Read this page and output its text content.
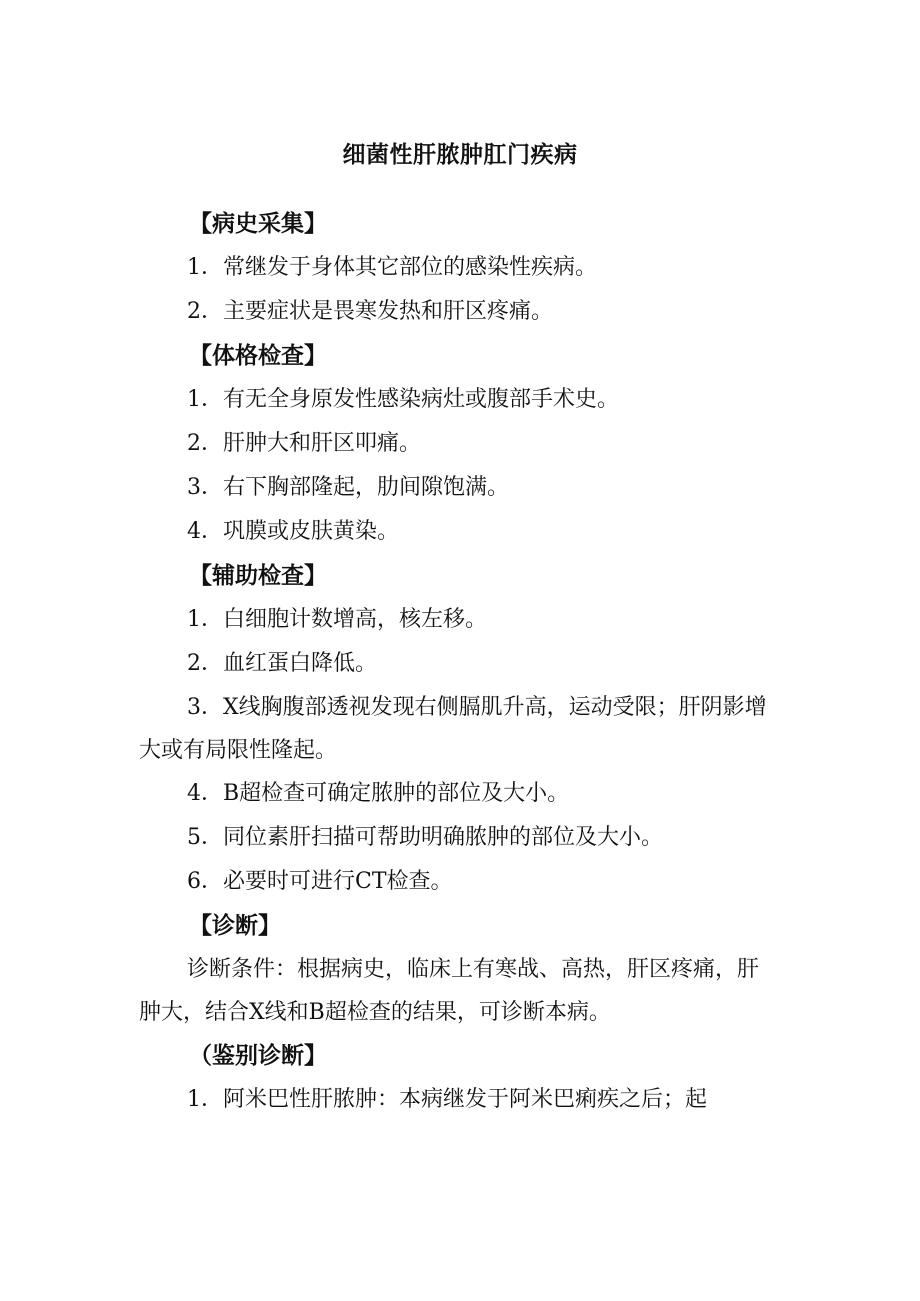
细菌性肝脓肿肛门疾病
【病史采集】
1．常继发于身体其它部位的感染性疾病。
2．主要症状是畏寒发热和肝区疼痛。
【体格检查】
1．有无全身原发性感染病灶或腹部手术史。
2．肝肿大和肝区叩痛。
3．右下胸部隆起，肋间隙饱满。
4．巩膜或皮肤黄染。
【辅助检查】
1．白细胞计数增高，核左移。
2．血红蛋白降低。
3．X线胸腹部透视发现右侧膈肌升高，运动受限；肝阴影增大或有局限性隆起。
4．B超检查可确定脓肿的部位及大小。
5．同位素肝扫描可帮助明确脓肿的部位及大小。
6．必要时可进行CT检查。
【诊断】
诊断条件：根据病史，临床上有寒战、高热，肝区疼痛，肝肿大，结合X线和B超检查的结果，可诊断本病。
（鉴别诊断】
1．阿米巴性肝脓肿：本病继发于阿米巴痢疾之后；起
